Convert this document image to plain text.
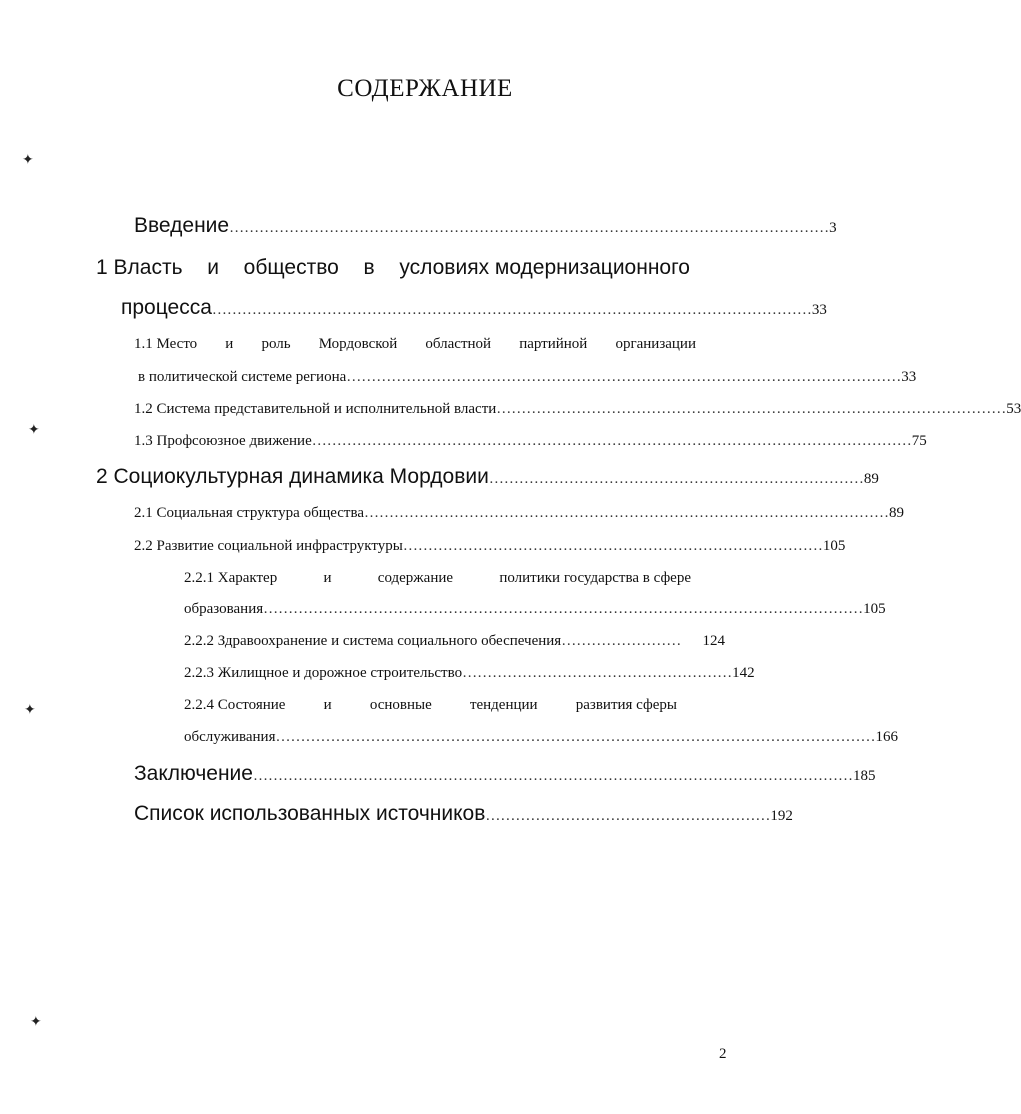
СОДЕРЖАНИЕ
✦
✦
✦
✦
Введение ………………………………………………………………………………………………………… 3
1 Власть и общество в условиях модернизационного
процесса ………………………………………………………………………………………………………… 33
1.1 Место и роль Мордовской областной партийной организации
в политической системе региона ………………………………………………………………………………………………… 33
1.2 Система представительной и исполнительной власти ………………………………………………………………………………………… 53
1.3 Профсоюзное движение ………………………………………………………………………………………………………… 75
2 Социокультурная динамика Мордовии ………………………………………………………………… 89
2.1 Социальная структура общества …………………………………………………………………………………………… 89
2.2 Развитие социальной инфраструктуры ………………………………………………………………………… 105
2.2.1 Характер	и	содержание	политики государства в сфере
образования ………………………………………………………………………………………………………… 105
2.2.2 Здравоохранение и система социального обеспечения ……………………	124
2.2.3 Жилищное и дорожное строительство ……………………………………………… 142
2.2.4 Состояние	и	основные	тенденции	развития сферы
обслуживания ………………………………………………………………………………………………………… 166
Заключение ………………………………………………………………………………………………………… 185
Список использованных источников ………………………………………………… 192
2
